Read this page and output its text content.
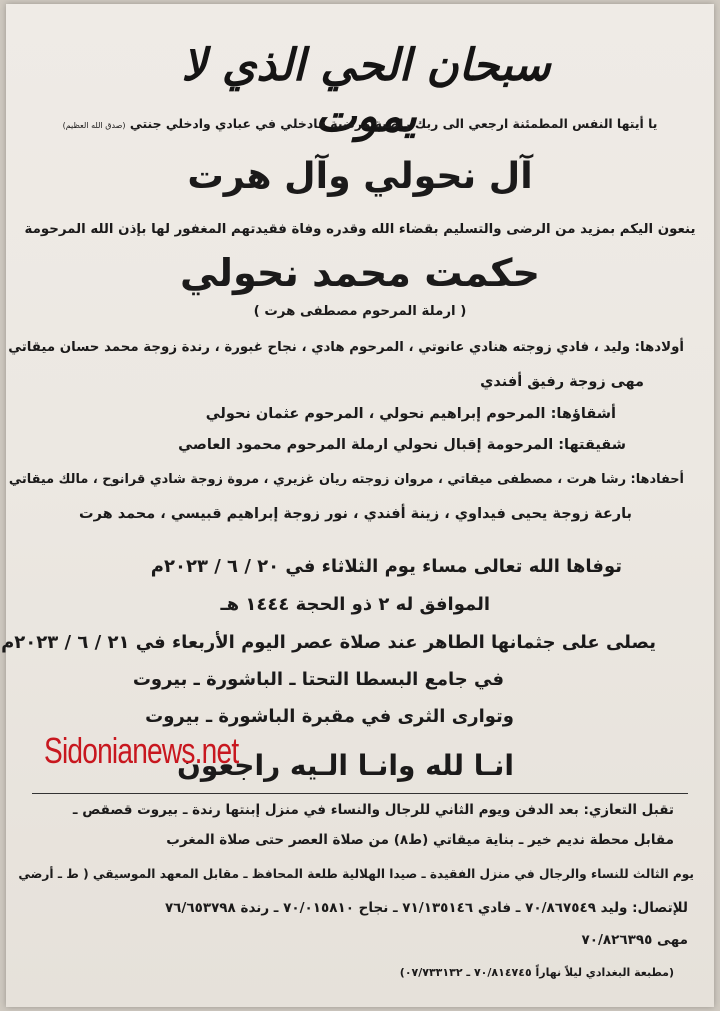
سبحان الحي الذي لا يموت
يا أيتها النفس المطمئنة ارجعي الى ربك راضية مرضية فادخلي في عبادي وادخلي جنتي (صدق الله العظيم)
آل نحولي وآل هرت
ينعون اليكم بمزيد من الرضى والتسليم بقضاء الله وقدره وفاة فقيدتهم المغفور لها بإذن الله المرحومة
حكمت محمد نحولي
( ارملة المرحوم مصطفى هرت )
أولادها: وليد ، فادي زوجته هنادي عانوتي ، المرحوم هادي ، نجاح غبورة ، رندة زوجة محمد حسان ميقاتي
مهى زوجة رفيق أفندي
أشقاؤها: المرحوم إبراهيم نحولي ، المرحوم عثمان نحولي
شقيقتها: المرحومة إقبال نحولي ارملة المرحوم محمود العاصي
أحفادها: رشا هرت ، مصطفى ميقاتي ، مروان زوجته ريان غزيري ، مروة زوجة شادي قرانوح ، مالك ميقاتي
بارعة زوجة يحيى فيداوي ، زينة أفندي ، نور زوجة إبراهيم قبيسي ، محمد هرت
توفاها الله تعالى مساء يوم الثلاثاء في ٢٠ / ٦ / ٢٠٢٣م
الموافق له ٢ ذو الحجة ١٤٤٤ هـ
يصلى على جثمانها الطاهر عند صلاة عصر اليوم الأربعاء في ٢١ / ٦ / ٢٠٢٣م
في جامع البسطا التحتا ـ الباشورة ـ بيروت
وتوارى الثرى في مقبرة الباشورة ـ بيروت
انـا لله وانـا الـيه راجعون
Sidonianews.net
تقبل التعازي: بعد الدفن ويوم الثاني للرجال والنساء في منزل إبنتها رندة ـ بيروت قصقص ـ
مقابل محطة نديم خير ـ بناية ميقاتي (ط٨) من صلاة العصر حتى صلاة المغرب
يوم الثالث للنساء والرجال في منزل الفقيدة ـ صيدا الهلالية طلعة المحافظ ـ مقابل المعهد الموسيقي ( ط ـ أرضي
للإتصال: وليد ٧٠/٨٦٧٥٤٩ ـ فادي ٧١/١٣٥١٤٦ ـ نجاح ٧٠/٠١٥٨١٠ ـ رندة ٧٦/٦٥٣٧٩٨
مهى ٧٠/٨٢٦٣٩٥
(مطبعة البغدادي ليلاً نهاراً ٧٠/٨١٤٧٤٥ ـ ٠٧/٧٣٣١٣٢)
